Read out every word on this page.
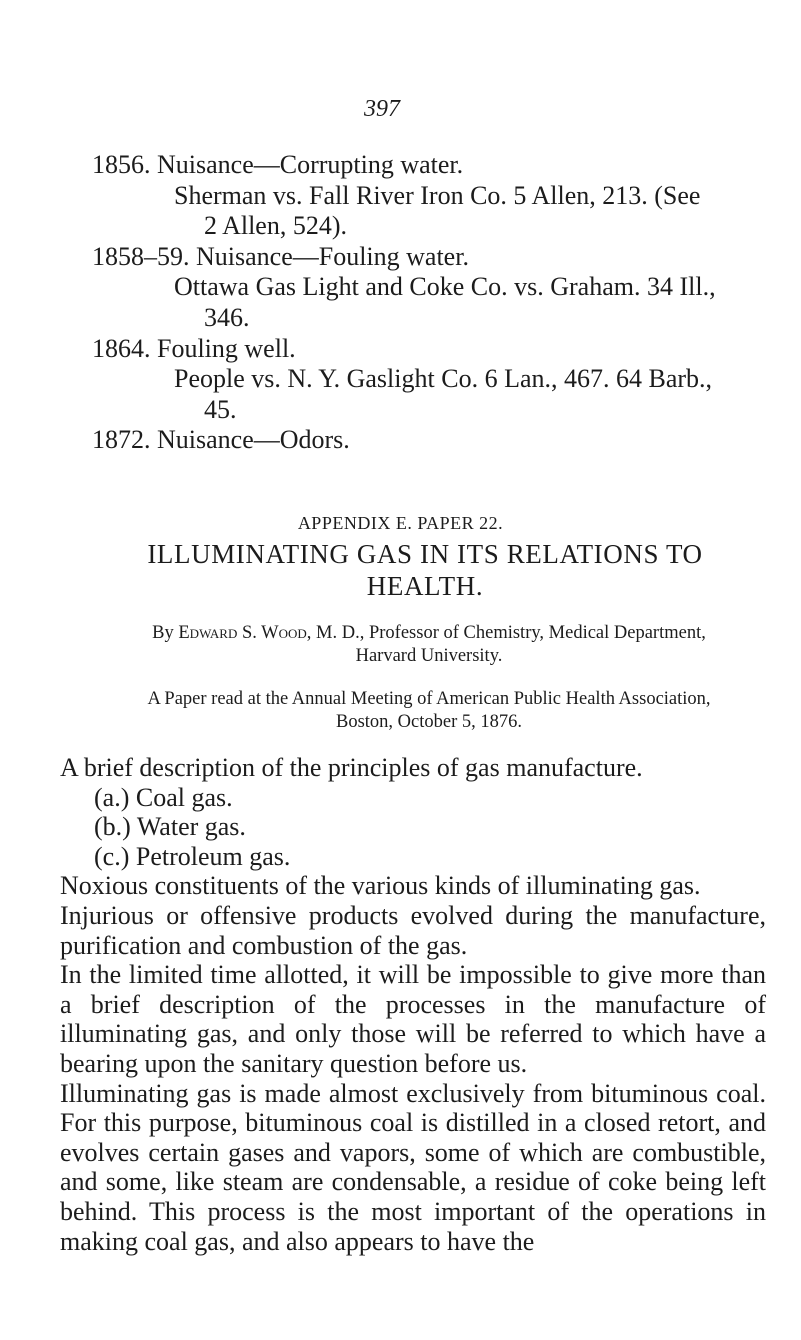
397
1856. Nuisance—Corrupting water.
Sherman vs. Fall River Iron Co. 5 Allen, 213. (See
2 Allen, 524).
1858–59. Nuisance—Fouling water.
Ottawa Gas Light and Coke Co. vs. Graham. 34 Ill.,
346.
1864. Fouling well.
People vs. N. Y. Gaslight Co. 6 Lan., 467. 64 Barb.,
45.
1872. Nuisance—Odors.
APPENDIX E. PAPER 22.
ILLUMINATING GAS IN ITS RELATIONS TO
HEALTH.
By Edward S. Wood, M. D., Professor of Chemistry, Medical Department,
Harvard University.
A Paper read at the Annual Meeting of American Public Health Association,
Boston, October 5, 1876.

A brief description of the principles of gas manufacture.

(a.) Coal gas.

(b.) Water gas.

(c.) Petroleum gas.

Noxious constituents of the various kinds of illuminating gas.

Injurious or offensive products evolved during the manufacture, purification and combustion of the gas.

In the limited time allotted, it will be impossible to give more than a brief description of the processes in the manufacture of illuminating gas, and only those will be referred to which have a bearing upon the sanitary question before us.

Illuminating gas is made almost exclusively from bituminous coal. For this purpose, bituminous coal is distilled in a closed retort, and evolves certain gases and vapors, some of which are combustible, and some, like steam are condensable, a residue of coke being left behind. This process is the most important of the operations in making coal gas, and also appears to have the
